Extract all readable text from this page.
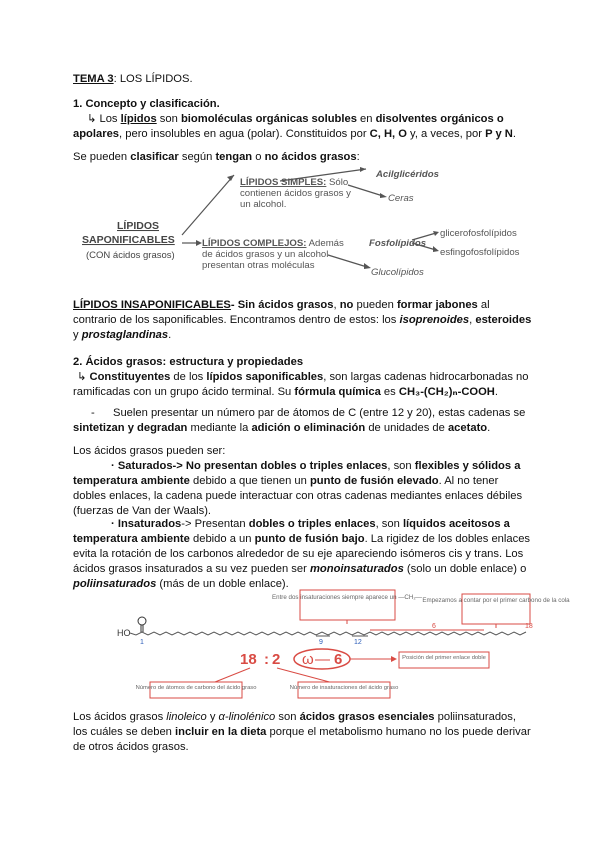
TEMA 3: LOS LÍPIDOS.
1. Concepto y clasificación.

↳ Los lípidos son biomoléculas orgánicas solubles en disolventes orgánicos o apolares, pero insolubles en agua (polar). Constituidos por C, H, O y, a veces, por P y N.

Se pueden clasificar según tengan o no ácidos grasos:

LÍPIDOS
SAPONIFICABLES
(CON ácidos grasos)
LÍPIDOS SIMPLES: Sólo
contienen ácidos grasos y
un alcohol.
LÍPIDOS COMPLEJOS: Además
de ácidos grasos y un alcohol
presentan otras moléculas
Acilglicéridos
Ceras
Fosfolípidos
Glucolípidos
glicerofosfolípidos
esfingofosfolípidos

LÍPIDOS INSAPONIFICABLES- Sin ácidos grasos, no pueden formar jabones al contrario de los saponificables. Encontramos dentro de estos: los isoprenoides, esteroides y prostaglandinas.

2. Ácidos grasos: estructura y propiedades

↳ Constituyentes de los lípidos saponificables, son largas cadenas hidrocarbonadas no ramificadas con un grupo ácido terminal. Su fórmula química es CH₃-(CH₂)ₙ-COOH.

-	Suelen presentar un número par de átomos de C (entre 12 y 20), estas cadenas se sintetizan y degradan mediante la adición o eliminación de unidades de acetato.

Los ácidos grasos pueden ser:

· Saturados-> No presentan dobles o triples enlaces, son flexibles y sólidos a temperatura ambiente debido a que tienen un punto de fusión elevado. Al no tener dobles enlaces, la cadena puede interactuar con otras cadenas mediantes enlaces débiles (fuerzas de Van der Waals).

· Insaturados-> Presentan dobles o triples enlaces, son líquidos aceitosos a temperatura ambiente debido a un punto de fusión bajo. La rigidez de los dobles enlaces evita la rotación de los carbonos alrededor de su eje apareciendo isómeros cis y trans. Los ácidos grasos insaturados a su vez pueden ser monoinsaturados (solo un doble enlace) o poliinsaturados (más de un doble enlace).

Entre dos insaturaciones siempre aparece un —CH₂— Empezamos a contar por el primer carbono de la cola
HO
1	9	12
6	18
18 : 2 ω — 6
Número de átomos de carbono del ácido graso	Número de insaturaciones del ácido graso
Posición del primer enlace doble

Los ácidos grasos linoleico y α-linolénico son ácidos grasos esenciales poliinsaturados, los cuáles se deben incluir en la dieta porque el metabolismo humano no los puede derivar de otros ácidos grasos.
